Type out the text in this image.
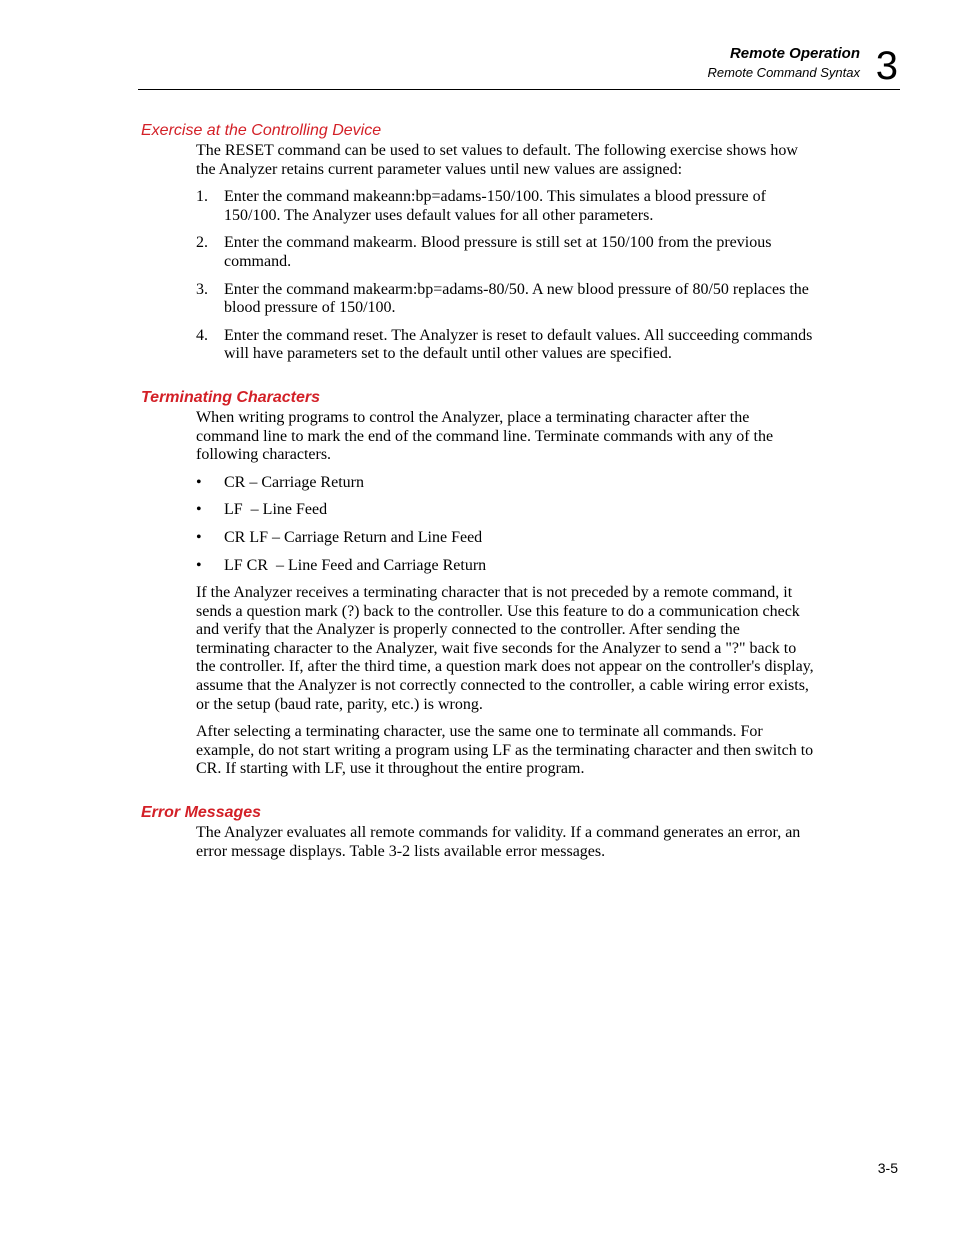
Remote Operation
Remote Command Syntax 3
Exercise at the Controlling Device

The RESET command can be used to set values to default. The following exercise shows how the Analyzer retains current parameter values until new values are assigned:

1. Enter the command makeann:bp=adams-150/100. This simulates a blood pressure of 150/100. The Analyzer uses default values for all other parameters.
2. Enter the command makearm. Blood pressure is still set at 150/100 from the previous command.
3. Enter the command makearm:bp=adams-80/50. A new blood pressure of 80/50 replaces the blood pressure of 150/100.
4. Enter the command reset. The Analyzer is reset to default values. All succeeding commands will have parameters set to the default until other values are specified.
Terminating Characters

When writing programs to control the Analyzer, place a terminating character after the command line to mark the end of the command line. Terminate commands with any of the following characters.

• CR – Carriage Return
• LF  – Line Feed
• CR LF – Carriage Return and Line Feed
• LF CR  – Line Feed and Carriage Return

If the Analyzer receives a terminating character that is not preceded by a remote command, it sends a question mark (?) back to the controller. Use this feature to do a communication check and verify that the Analyzer is properly connected to the controller. After sending the terminating character to the Analyzer, wait five seconds for the Analyzer to send a "?" back to the controller. If, after the third time, a question mark does not appear on the controller's display, assume that the Analyzer is not correctly connected to the controller, a cable wiring error exists, or the setup (baud rate, parity, etc.) is wrong.

After selecting a terminating character, use the same one to terminate all commands. For example, do not start writing a program using LF as the terminating character and then switch to CR. If starting with LF, use it throughout the entire program.

Error Messages

The Analyzer evaluates all remote commands for validity. If a command generates an error, an error message displays. Table 3-2 lists available error messages.

3-5
